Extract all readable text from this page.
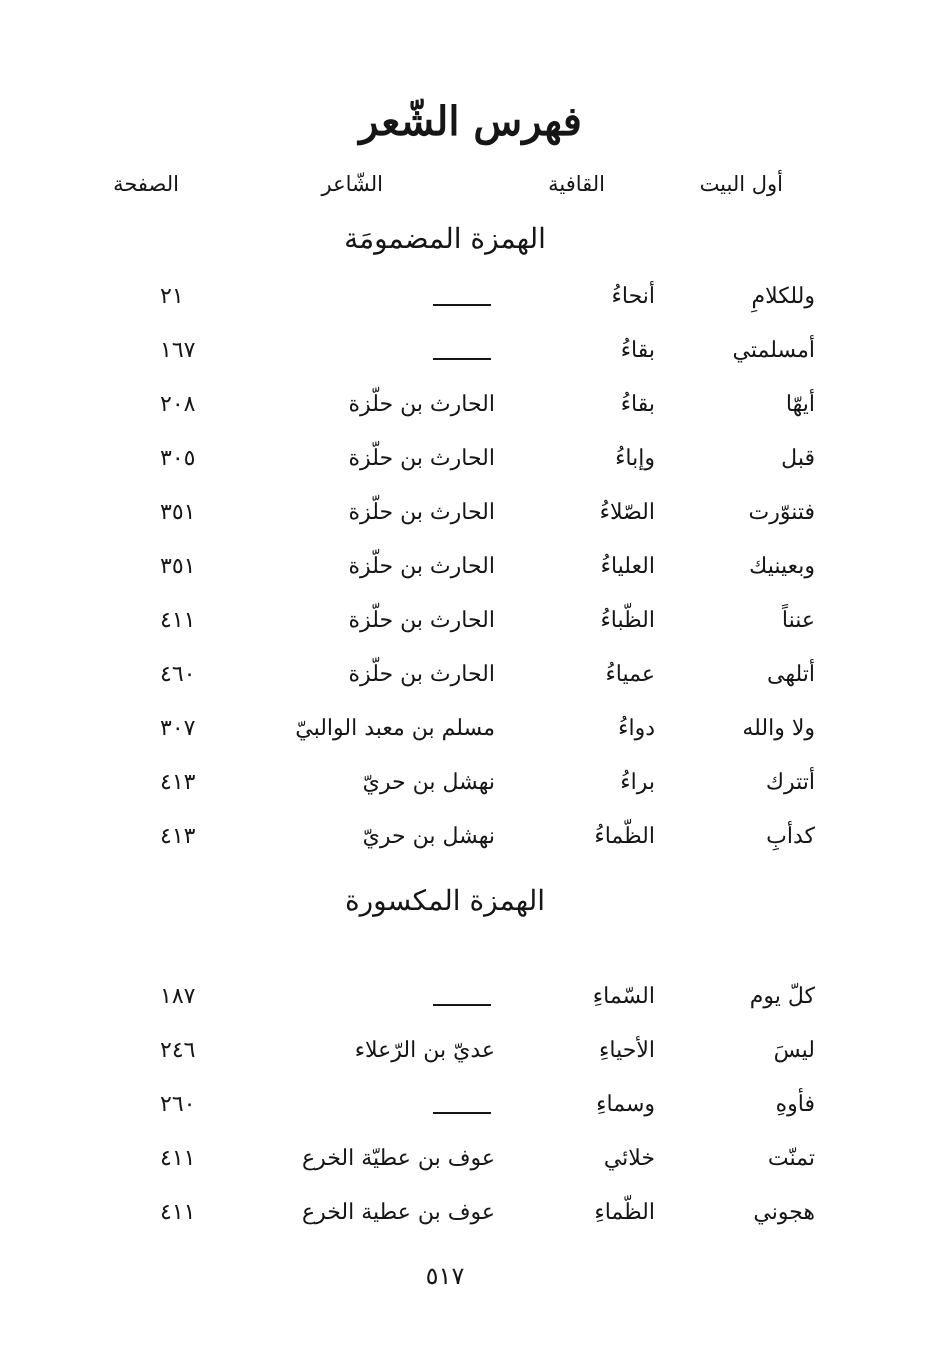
فهرس الشّعر
أول البيت
القافية
الشّاعر
الصفحة
الهمزة المضمومَة
وللكلامِ
أنحاءُ
٢١
أمسلمتي
بقاءُ
١٦٧
أيهّا
بقاءُ
الحارث بن حلّزة
٢٠٨
قبل
وإباءُ
الحارث بن حلّزة
٣٠٥
فتنوّرت
الصّلاءُ
الحارث بن حلّزة
٣٥١
وبعينيك
العلياءُ
الحارث بن حلّزة
٣٥١
عنناً
الظّباءُ
الحارث بن حلّزة
٤١١
أتلهى
عمياءُ
الحارث بن حلّزة
٤٦٠
ولا والله
دواءُ
مسلم بن معبد الوالبيّ
٣٠٧
أتترك
براءُ
نهشل بن حريّ
٤١٣
كدأبِ
الظّماءُ
نهشل بن حريّ
٤١٣
الهمزة المكسورة
كلّ يوم
السّماءِ
١٨٧
ليسَ
الأحياءِ
عديّ بن الرّعلاء
٢٤٦
فأوهِ
وسماءِ
٢٦٠
تمنّت
خلائي
عوف بن عطيّة الخرع
٤١١
هجوني
الظّماءِ
عوف بن عطية الخرع
٤١١
٥١٧
